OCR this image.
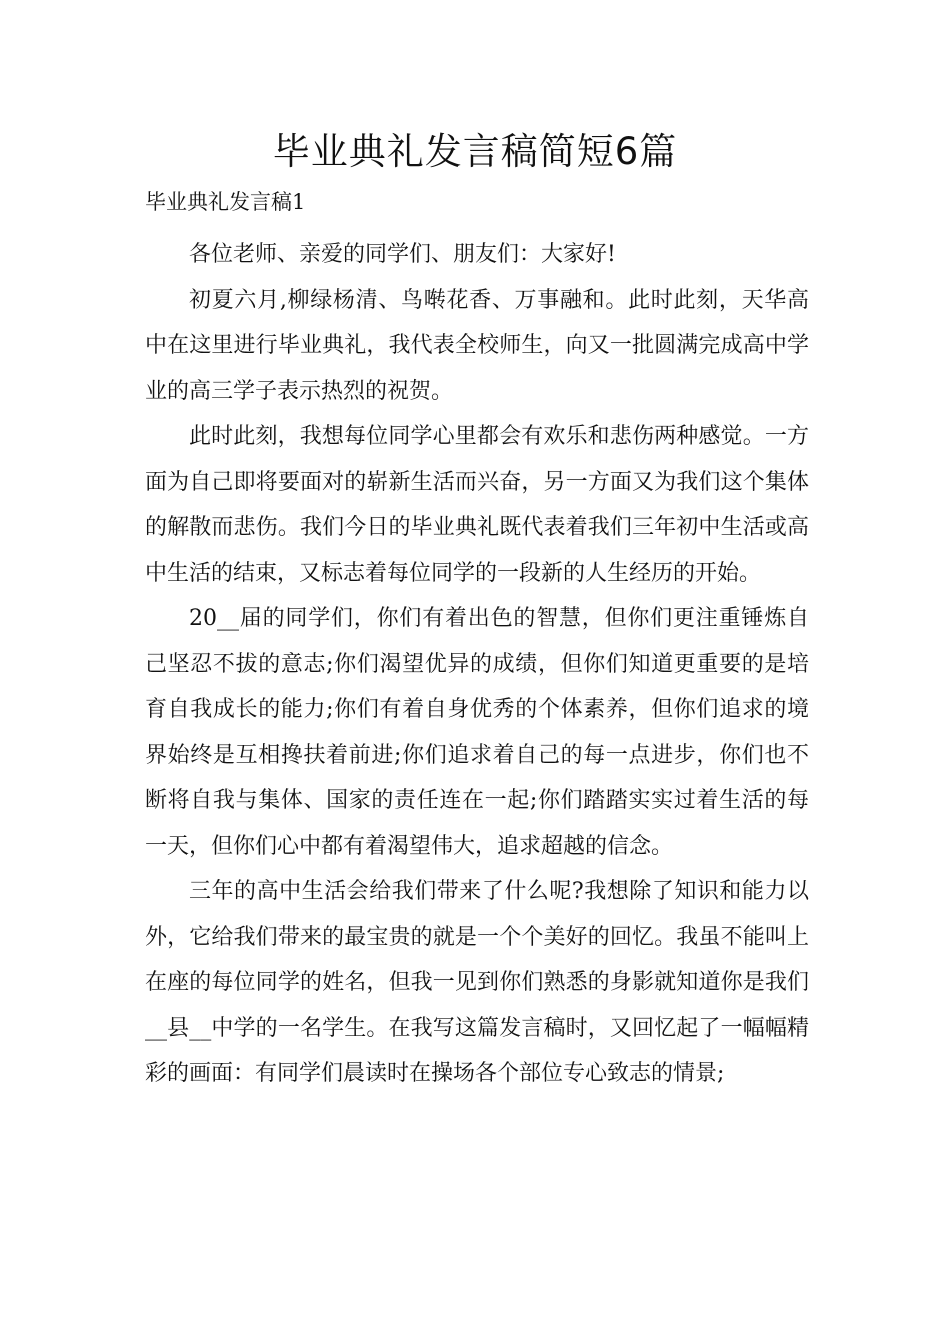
毕业典礼发言稿简短6篇
毕业典礼发言稿1

各位老师、亲爱的同学们、朋友们：大家好!

初夏六月,柳绿杨清、鸟啭花香、万事融和。此时此刻，天华高中在这里进行毕业典礼，我代表全校师生，向又一批圆满完成高中学业的高三学子表示热烈的祝贺。

此时此刻，我想每位同学心里都会有欢乐和悲伤两种感觉。一方面为自己即将要面对的崭新生活而兴奋，另一方面又为我们这个集体的解散而悲伤。我们今日的毕业典礼既代表着我们三年初中生活或高中生活的结束，又标志着每位同学的一段新的人生经历的开始。

20__届的同学们，你们有着出色的智慧，但你们更注重锤炼自己坚忍不拔的意志;你们渴望优异的成绩，但你们知道更重要的是培育自我成长的能力;你们有着自身优秀的个体素养，但你们追求的境界始终是互相搀扶着前进;你们追求着自己的每一点进步，你们也不断将自我与集体、国家的责任连在一起;你们踏踏实实过着生活的每一天，但你们心中都有着渴望伟大，追求超越的信念。

三年的高中生活会给我们带来了什么呢?我想除了知识和能力以外，它给我们带来的最宝贵的就是一个个美好的回忆。我虽不能叫上在座的每位同学的姓名，但我一见到你们熟悉的身影就知道你是我们__县__中学的一名学生。在我写这篇发言稿时，又回忆起了一幅幅精彩的画面：有同学们晨读时在操场各个部位专心致志的情景;
